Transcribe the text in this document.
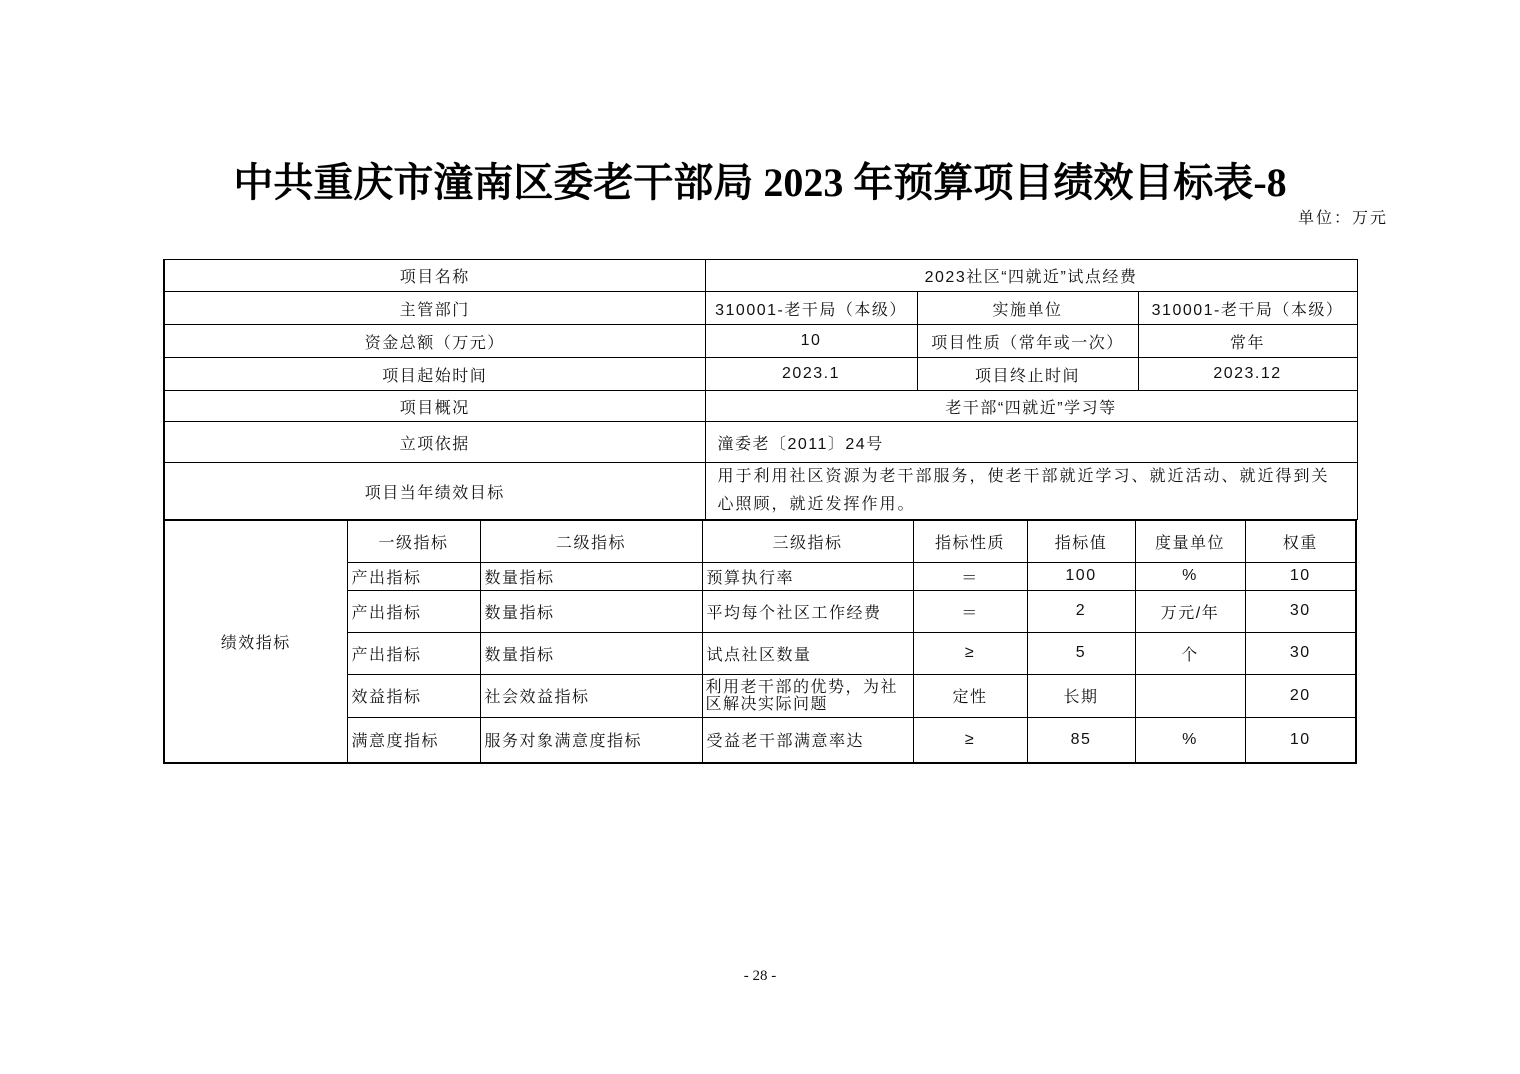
中共重庆市潼南区委老干部局 2023 年预算项目绩效目标表-8
单位：万元
项目名称	2023社区“四就近”试点经费		
主管部门	310001-老干局（本级）	实施单位	310001-老干局（本级）
资金总额（万元）	10	项目性质（常年或一次）	常年
项目起始时间	2023.1	项目终止时间	2023.12
项目概况	老干部“四就近”学习等		
立项依据	潼委老〔2011〕24号		
项目当年绩效目标	用于利用社区资源为老干部服务，使老干部就近学习、就近活动、就近得到关心照顾，就近发挥作用。		
绩效指标	一级指标	二级指标	三级指标	指标性质	指标值	度量单位	权重
	产出指标	数量指标	预算执行率	＝	100	%	10
	产出指标	数量指标	平均每个社区工作经费	＝	2	万元/年	30
	产出指标	数量指标	试点社区数量	≥	5	个	30
	效益指标	社会效益指标	利用老干部的优势，为社区解决实际问题	定性	长期		20
	满意度指标	服务对象满意度指标	受益老干部满意率达	≥	85	%	10
- 28 -
